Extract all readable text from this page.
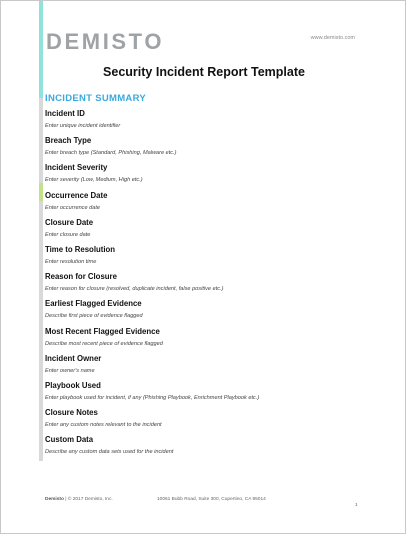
DEMISTO	www.demisto.com
Security Incident Report Template
INCIDENT SUMMARY
Incident ID
Enter unique incident identifier
Breach Type
Enter breach type (Standard, Phishing, Malware etc.)
Incident Severity
Enter severity (Low, Medium, High etc.)
Occurrence Date
Enter occurrence date
Closure Date
Enter closure date
Time to Resolution
Enter resolution time
Reason for Closure
Enter reason for closure (resolved, duplicate incident, false positive etc.)
Earliest Flagged Evidence
Describe first piece of evidence flagged
Most Recent Flagged Evidence
Describe most recent piece of evidence flagged
Incident Owner
Enter owner's name
Playbook Used
Enter playbook used for incident, if any (Phishing Playbook, Enrichment Playbook etc.)
Closure Notes
Enter any custom notes relevant to the incident
Custom Data
Describe any custom data sets used for the incident
Demisto | © 2017 Demisto, Inc.	10061 Bubb Road, Suite 300, Cupertino, CA 95014
1
